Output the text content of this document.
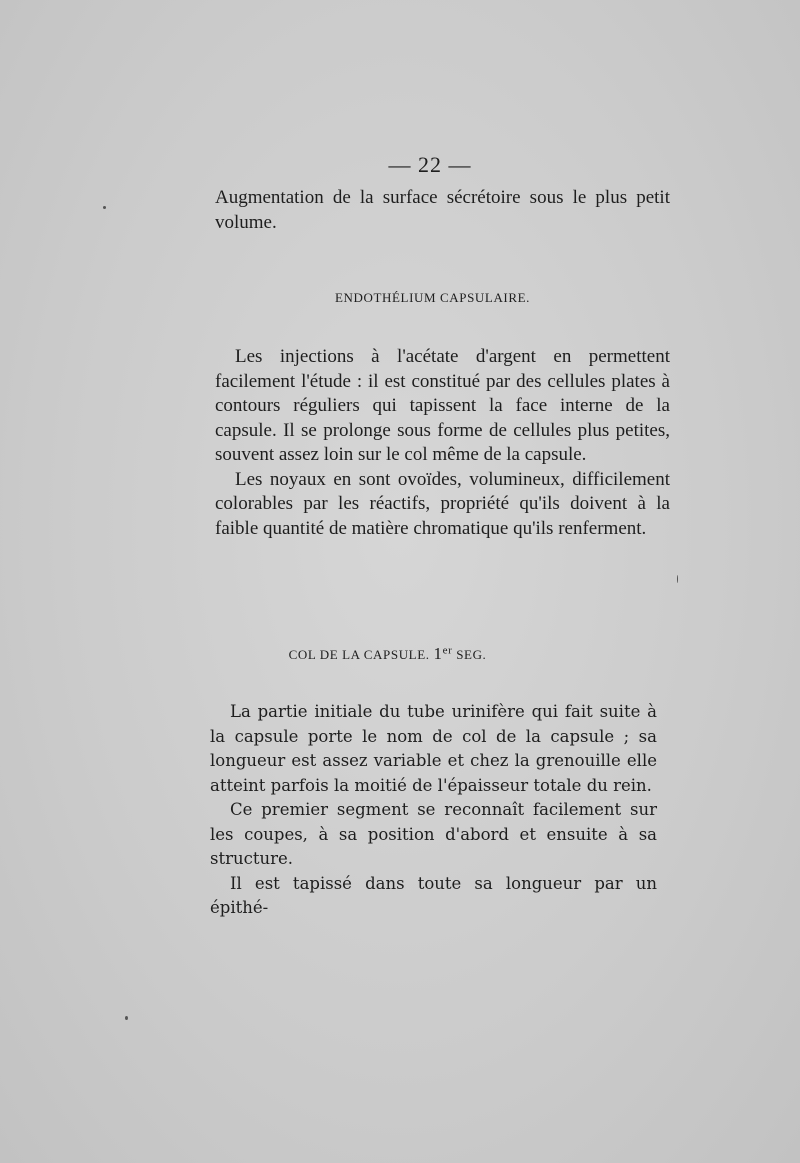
— 22 —

Augmentation de la surface sécrétoire sous le plus petit volume.

ENDOTHÉLIUM CAPSULAIRE.

Les injections à l'acétate d'argent en permettent facilement l'étude : il est constitué par des cellules plates à contours réguliers qui tapissent la face interne de la capsule. Il se prolonge sous forme de cellules plus petites, souvent assez loin sur le col même de la capsule.

Les noyaux en sont ovoïdes, volumineux, difficilement colorables par les réactifs, propriété qu'ils doivent à la faible quantité de matière chromatique qu'ils renferment.

COL DE LA CAPSULE. 1er SEG.

La partie initiale du tube urinifère qui fait suite à la capsule porte le nom de col de la capsule ; sa longueur est assez variable et chez la grenouille elle atteint parfois la moitié de l'épaisseur totale du rein.

Ce premier segment se reconnaît facilement sur les coupes, à sa position d'abord et ensuite à sa structure.

Il est tapissé dans toute sa longueur par un épithé-
